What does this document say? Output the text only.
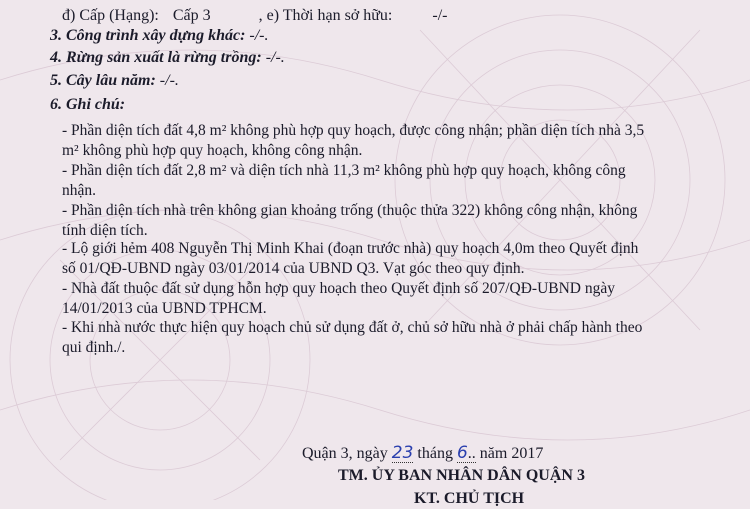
đ) Cấp (Hạng): Cấp 3	, e) Thời hạn sở hữu:	-/-
3. Công trình xây dựng khác: -/-.
4. Rừng sản xuất là rừng trồng: -/-.
5. Cây lâu năm: -/-.
6. Ghi chú:
- Phần diện tích đất 4,8 m² không phù hợp quy hoạch, được công nhận; phần diện tích nhà 3,5
m² không phù hợp quy hoạch, không công nhận.
- Phần diện tích đất 2,8 m² và diện tích nhà 11,3 m² không phù hợp quy hoạch, không công
nhận.
- Phần diện tích nhà trên không gian khoảng trống (thuộc thửa 322) không công nhận, không
tính diện tích.
- Lộ giới hẻm 408 Nguyễn Thị Minh Khai (đoạn trước nhà) quy hoạch 4,0m theo Quyết định
số 01/QĐ-UBND ngày 03/01/2014 của UBND Q3. Vạt góc theo quy định.
- Nhà đất thuộc đất sử dụng hỗn hợp quy hoạch theo Quyết định số 207/QĐ-UBND ngày
14/01/2013 của UBND TPHCM.
- Khi nhà nước thực hiện quy hoạch chủ sử dụng đất ở, chủ sở hữu nhà ở phải chấp hành theo
qui định./.
Quận 3, ngày 23 tháng 6.. năm 2017
TM. ỦY BAN NHÂN DÂN QUẬN 3
KT. CHỦ TỊCH
